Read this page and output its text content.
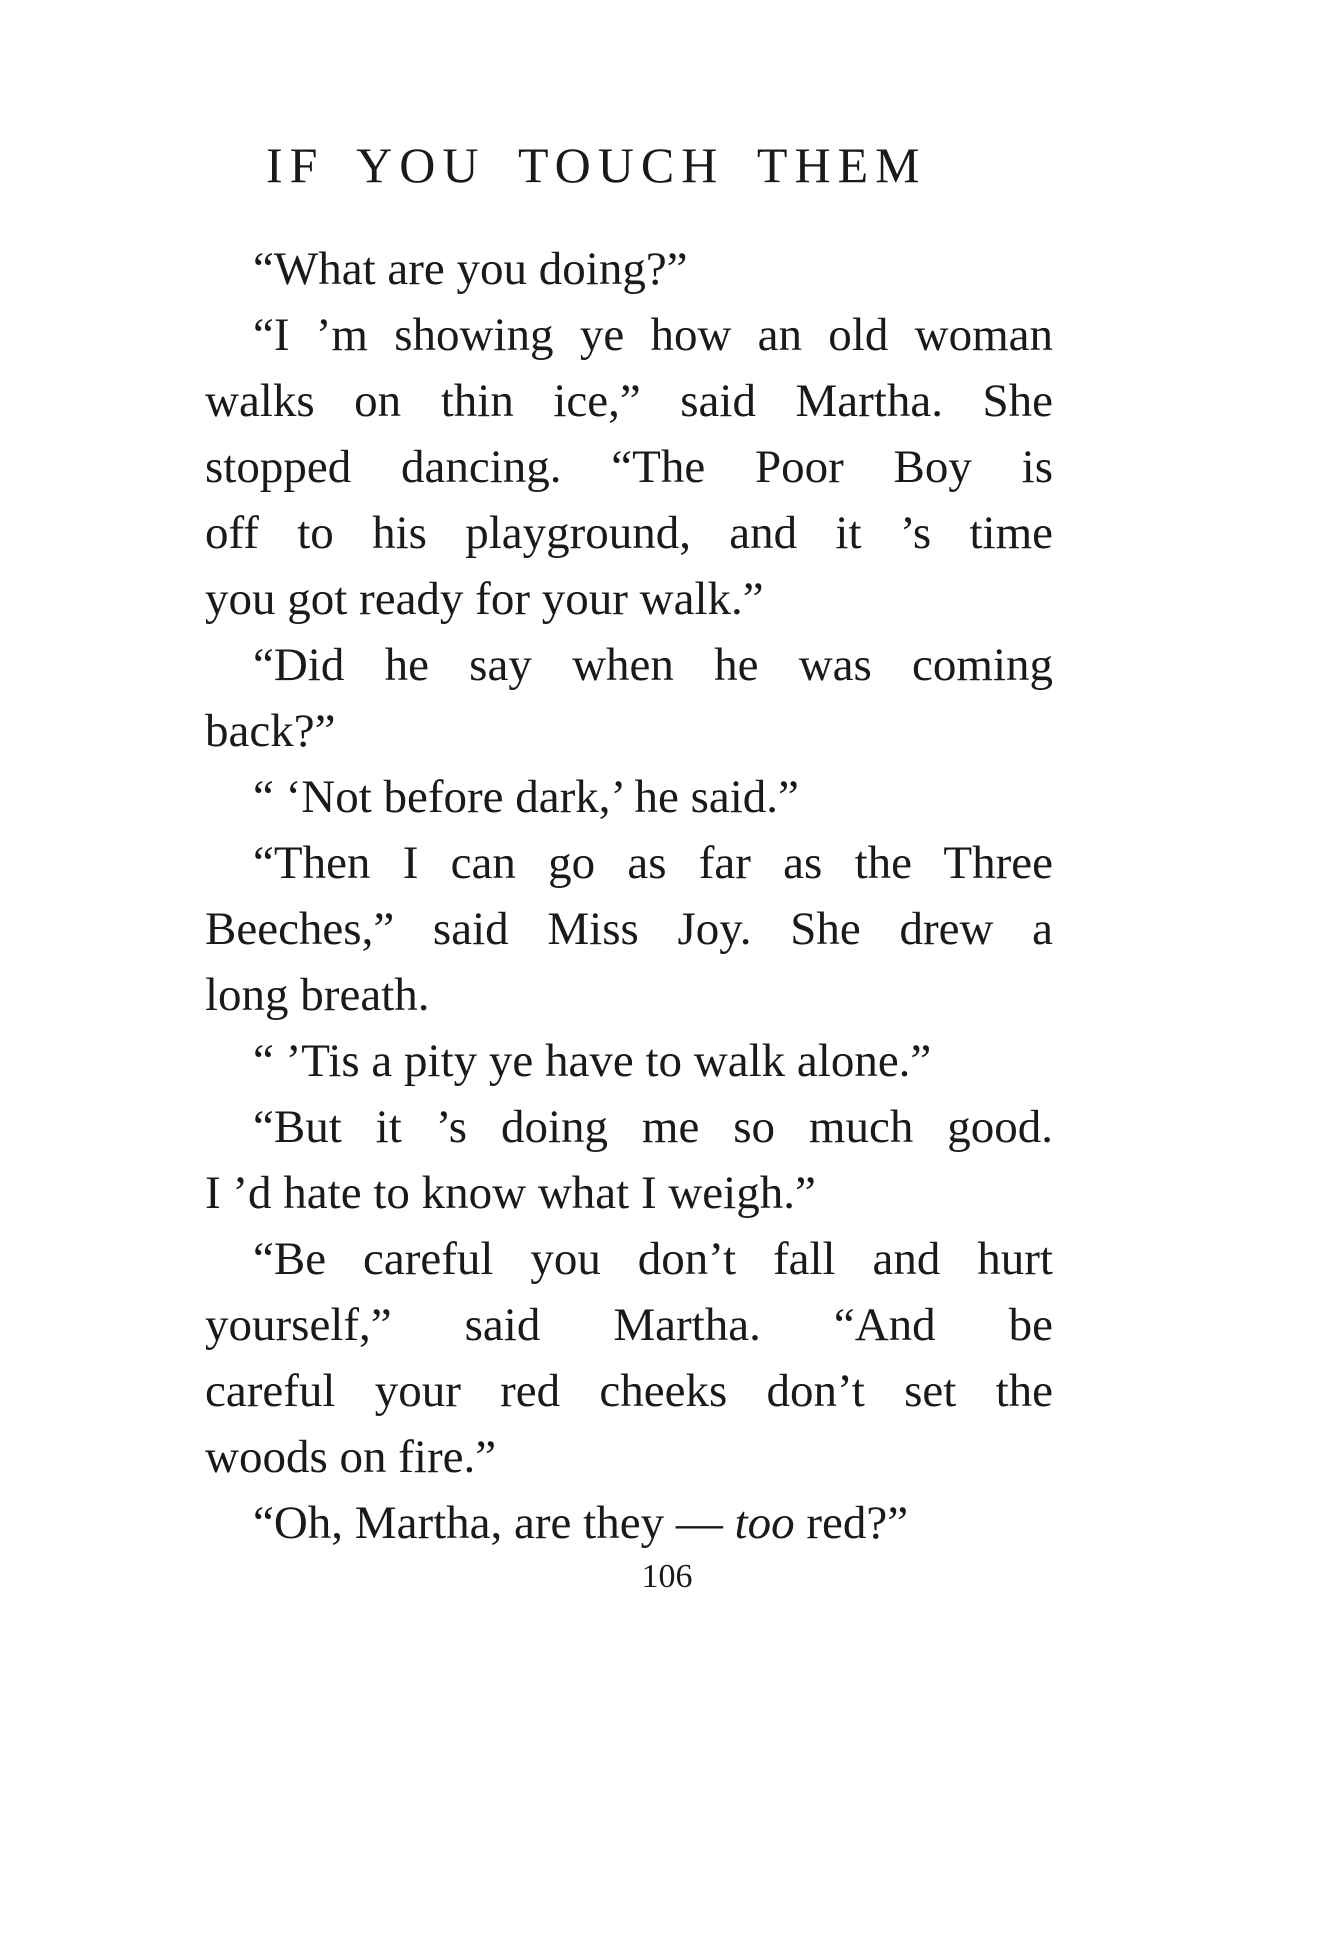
IF YOU TOUCH THEM
“What are you doing?”
“I ’m showing ye how an old woman
walks on thin ice,” said Martha. She
stopped dancing. “The Poor Boy is
off to his playground, and it ’s time
you got ready for your walk.”
“Did he say when he was coming
back?”
“ ‘Not before dark,’ he said.”
“Then I can go as far as the Three
Beeches,” said Miss Joy. She drew a
long breath.
“ ’Tis a pity ye have to walk alone.”
“But it ’s doing me so much good.
I ’d hate to know what I weigh.”
“Be careful you don’t fall and hurt
yourself,” said Martha. “And be
careful your red cheeks don’t set the
woods on fire.”
“Oh, Martha, are they — too red?”
106
